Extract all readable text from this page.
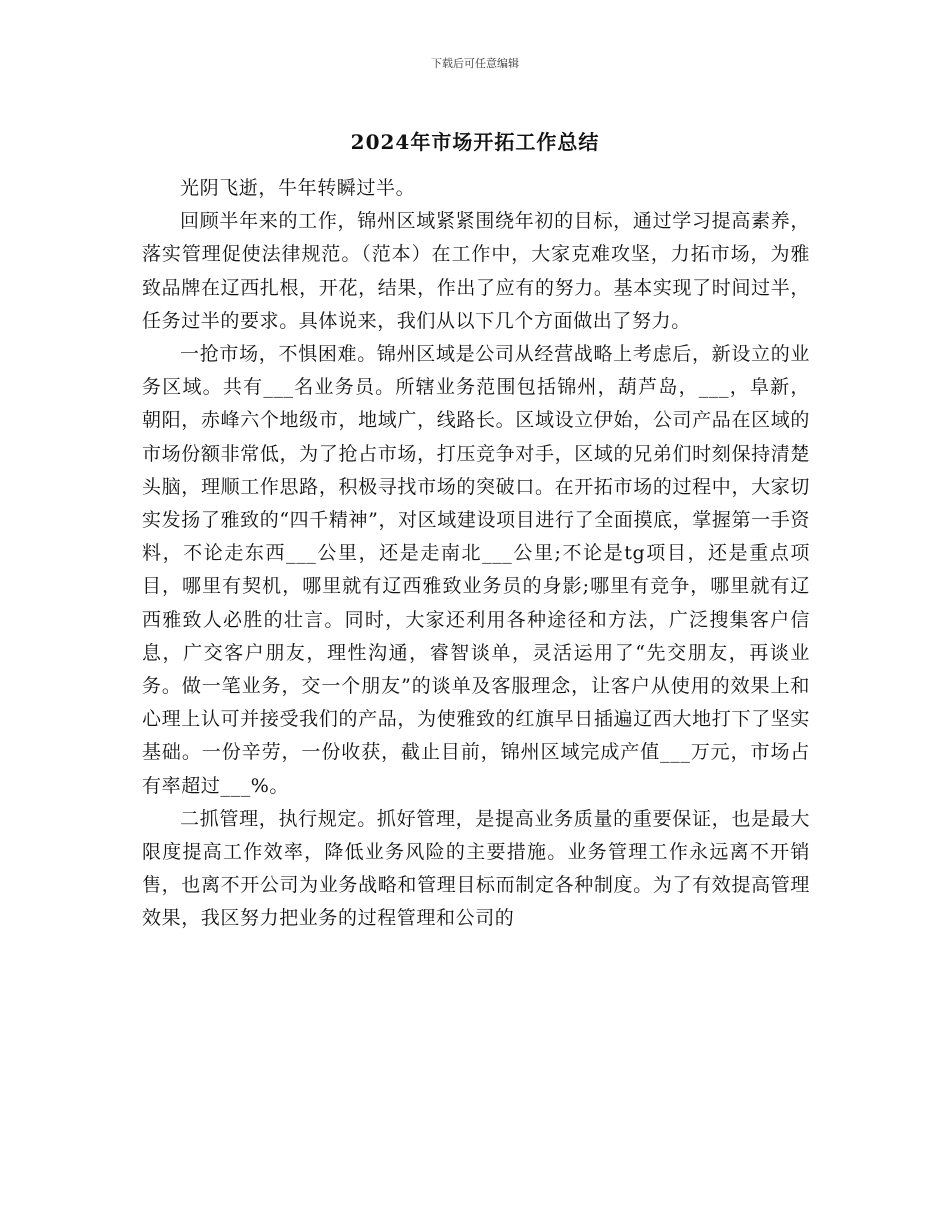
下载后可任意编辑
2024年市场开拓工作总结

光阴飞逝，牛年转瞬过半。

回顾半年来的工作，锦州区域紧紧围绕年初的目标，通过学习提高素养，落实管理促使法律规范。（范本）在工作中，大家克难攻坚，力拓市场，为雅致品牌在辽西扎根，开花，结果，作出了应有的努力。基本实现了时间过半，任务过半的要求。具体说来，我们从以下几个方面做出了努力。

一抢市场，不惧困难。锦州区域是公司从经营战略上考虑后，新设立的业务区域。共有___名业务员。所辖业务范围包括锦州，葫芦岛，___，阜新，朝阳，赤峰六个地级市，地域广，线路长。区域设立伊始，公司产品在区域的市场份额非常低，为了抢占市场，打压竞争对手，区域的兄弟们时刻保持清楚头脑，理顺工作思路，积极寻找市场的突破口。在开拓市场的过程中，大家切实发扬了雅致的“四千精神”，对区域建设项目进行了全面摸底，掌握第一手资料，不论走东西___公里，还是走南北___公里;不论是tg项目，还是重点项目，哪里有契机，哪里就有辽西雅致业务员的身影;哪里有竞争，哪里就有辽西雅致人必胜的壮言。同时，大家还利用各种途径和方法，广泛搜集客户信息，广交客户朋友，理性沟通，睿智谈单，灵活运用了“先交朋友，再谈业务。做一笔业务，交一个朋友”的谈单及客服理念，让客户从使用的效果上和心理上认可并接受我们的产品，为使雅致的红旗早日插遍辽西大地打下了坚实基础。一份辛劳，一份收获，截止目前，锦州区域完成产值___万元，市场占有率超过___%。

二抓管理，执行规定。抓好管理，是提高业务质量的重要保证，也是最大限度提高工作效率，降低业务风险的主要措施。业务管理工作永远离不开销售，也离不开公司为业务战略和管理目标而制定各种制度。为了有效提高管理效果，我区努力把业务的过程管理和公司的
